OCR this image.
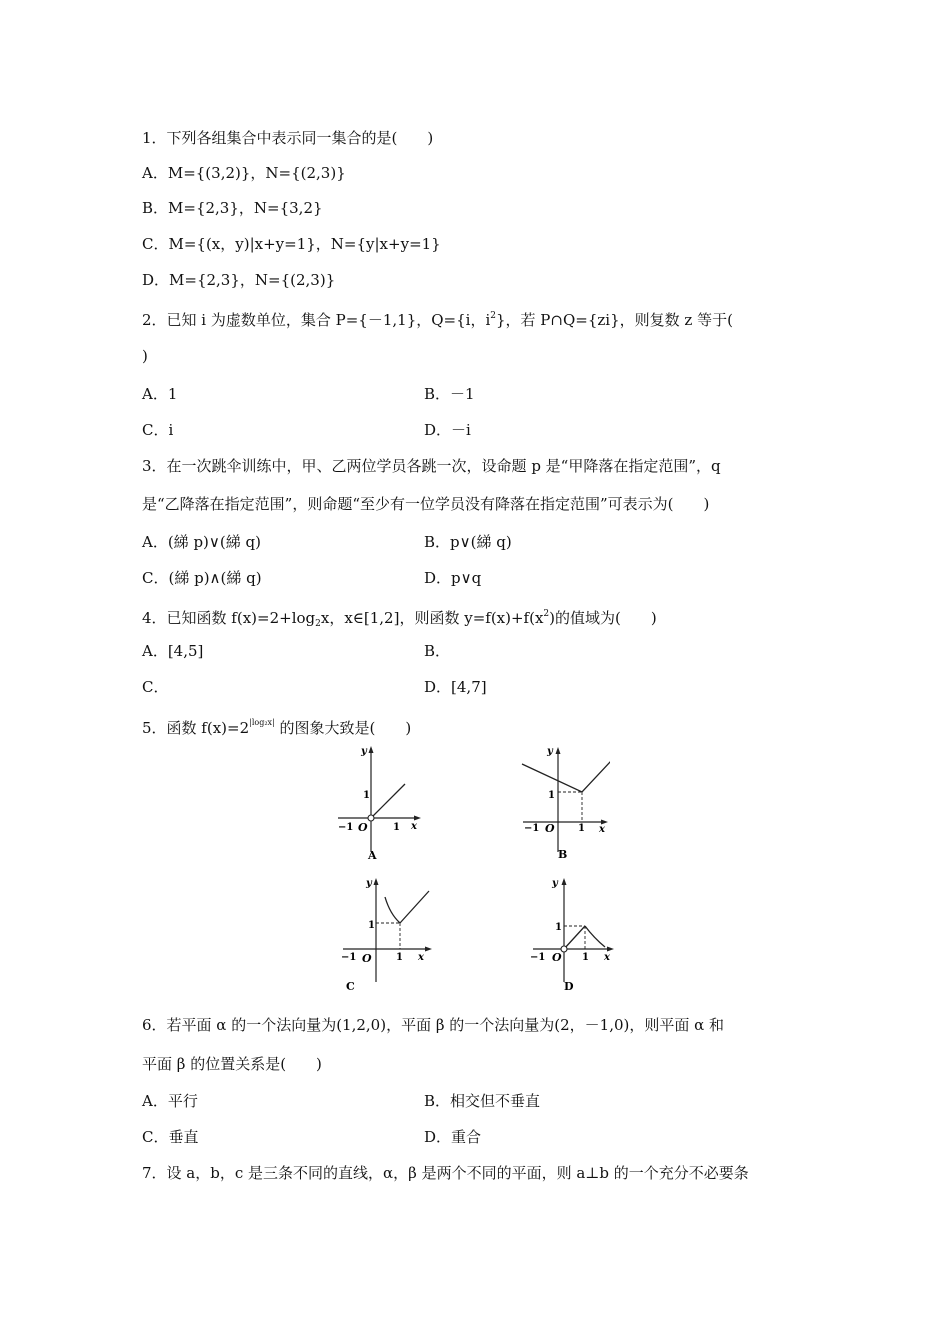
1．下列各组集合中表示同一集合的是(　　)
A．M={(3,2)}，N={(2,3)}
B．M={2,3}，N={3,2}
C．M={(x，y)|x+y=1}，N={y|x+y=1}
D．M={2,3}，N={(2,3)}
2．已知 i 为虚数单位，集合 P={－1,1}，Q={i，$i^2$}，若 P∩Q={zi}，则复数 z 等于(
)
A．1	B．－1
C．i	D．－i
3．在一次跳伞训练中，甲、乙两位学员各跳一次，设命题 p 是“甲降落在指定范围”，q
是“乙降落在指定范围”，则命题“至少有一位学员没有降落在指定范围”可表示为(　　)
A．(綈 p)∨(綈 q)	B．p∨(綈 q)
C．(綈 p)∧(綈 q)	D．p∨q
4．已知函数 $f(x)=2+\log_2x$，x∈[1,2]，则函数 $y=f(x)+f(x^2)$的值域为(　　)
A．[4,5]	B．
C．	D．[4,7]
5．函数 $f(x)=2^{|log_2x|}$ 的图象大致是(　　)
y
x
1
−1 O	1
A
y
x
1
−1 O 1
B
y
x
1
−1 O 1
C
y
x
1
−1 O 1
D
6．若平面 α 的一个法向量为(1,2,0)，平面 β 的一个法向量为(2，－1,0)，则平面 α 和
平面 β 的位置关系是(　　)
A．平行	B．相交但不垂直
C．垂直	D．重合
7．设 a，b，c 是三条不同的直线，α，β 是两个不同的平面，则 a⊥b 的一个充分不必要条
